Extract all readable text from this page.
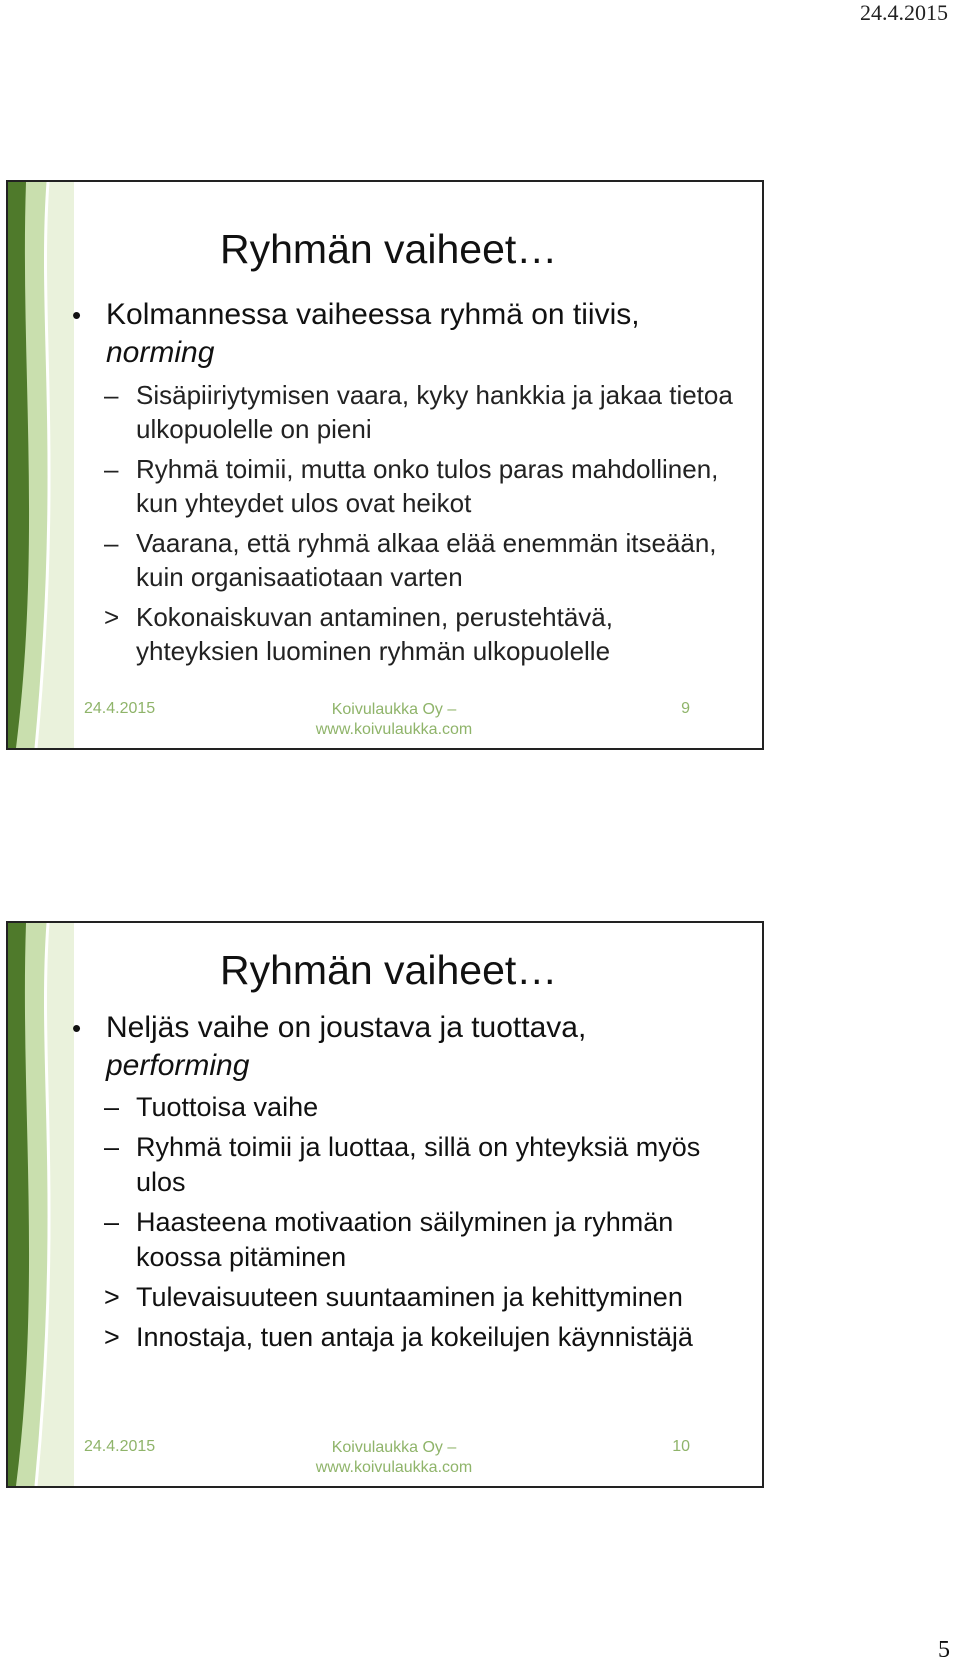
24.4.2015
Ryhmän vaiheet…
• Kolmannessa vaiheessa ryhmä on tiivis,
norming
– Sisäpiiriytymisen vaara, kyky hankkia ja jakaa tietoa ulkopuolelle on pieni
– Ryhmä toimii, mutta onko tulos paras mahdollinen, kun yhteydet ulos ovat heikot
– Vaarana, että ryhmä alkaa elää enemmän itseään, kuin organisaatiotaan varten
> Kokonaiskuvan antaminen, perustehtävä, yhteyksien luominen ryhmän ulkopuolelle
24.4.2015	Koivulaukka Oy –
www.koivulaukka.com
9
Ryhmän vaiheet…
• Neljäs vaihe on joustava ja tuottava,
performing
– Tuottoisa vaihe
– Ryhmä toimii ja luottaa, sillä on yhteyksiä myös ulos
– Haasteena motivaation säilyminen ja ryhmän koossa pitäminen
> Tulevaisuuteen suuntaaminen ja kehittyminen
> Innostaja, tuen antaja ja kokeilujen käynnistäjä
24.4.2015	Koivulaukka Oy –
www.koivulaukka.com
10
5
